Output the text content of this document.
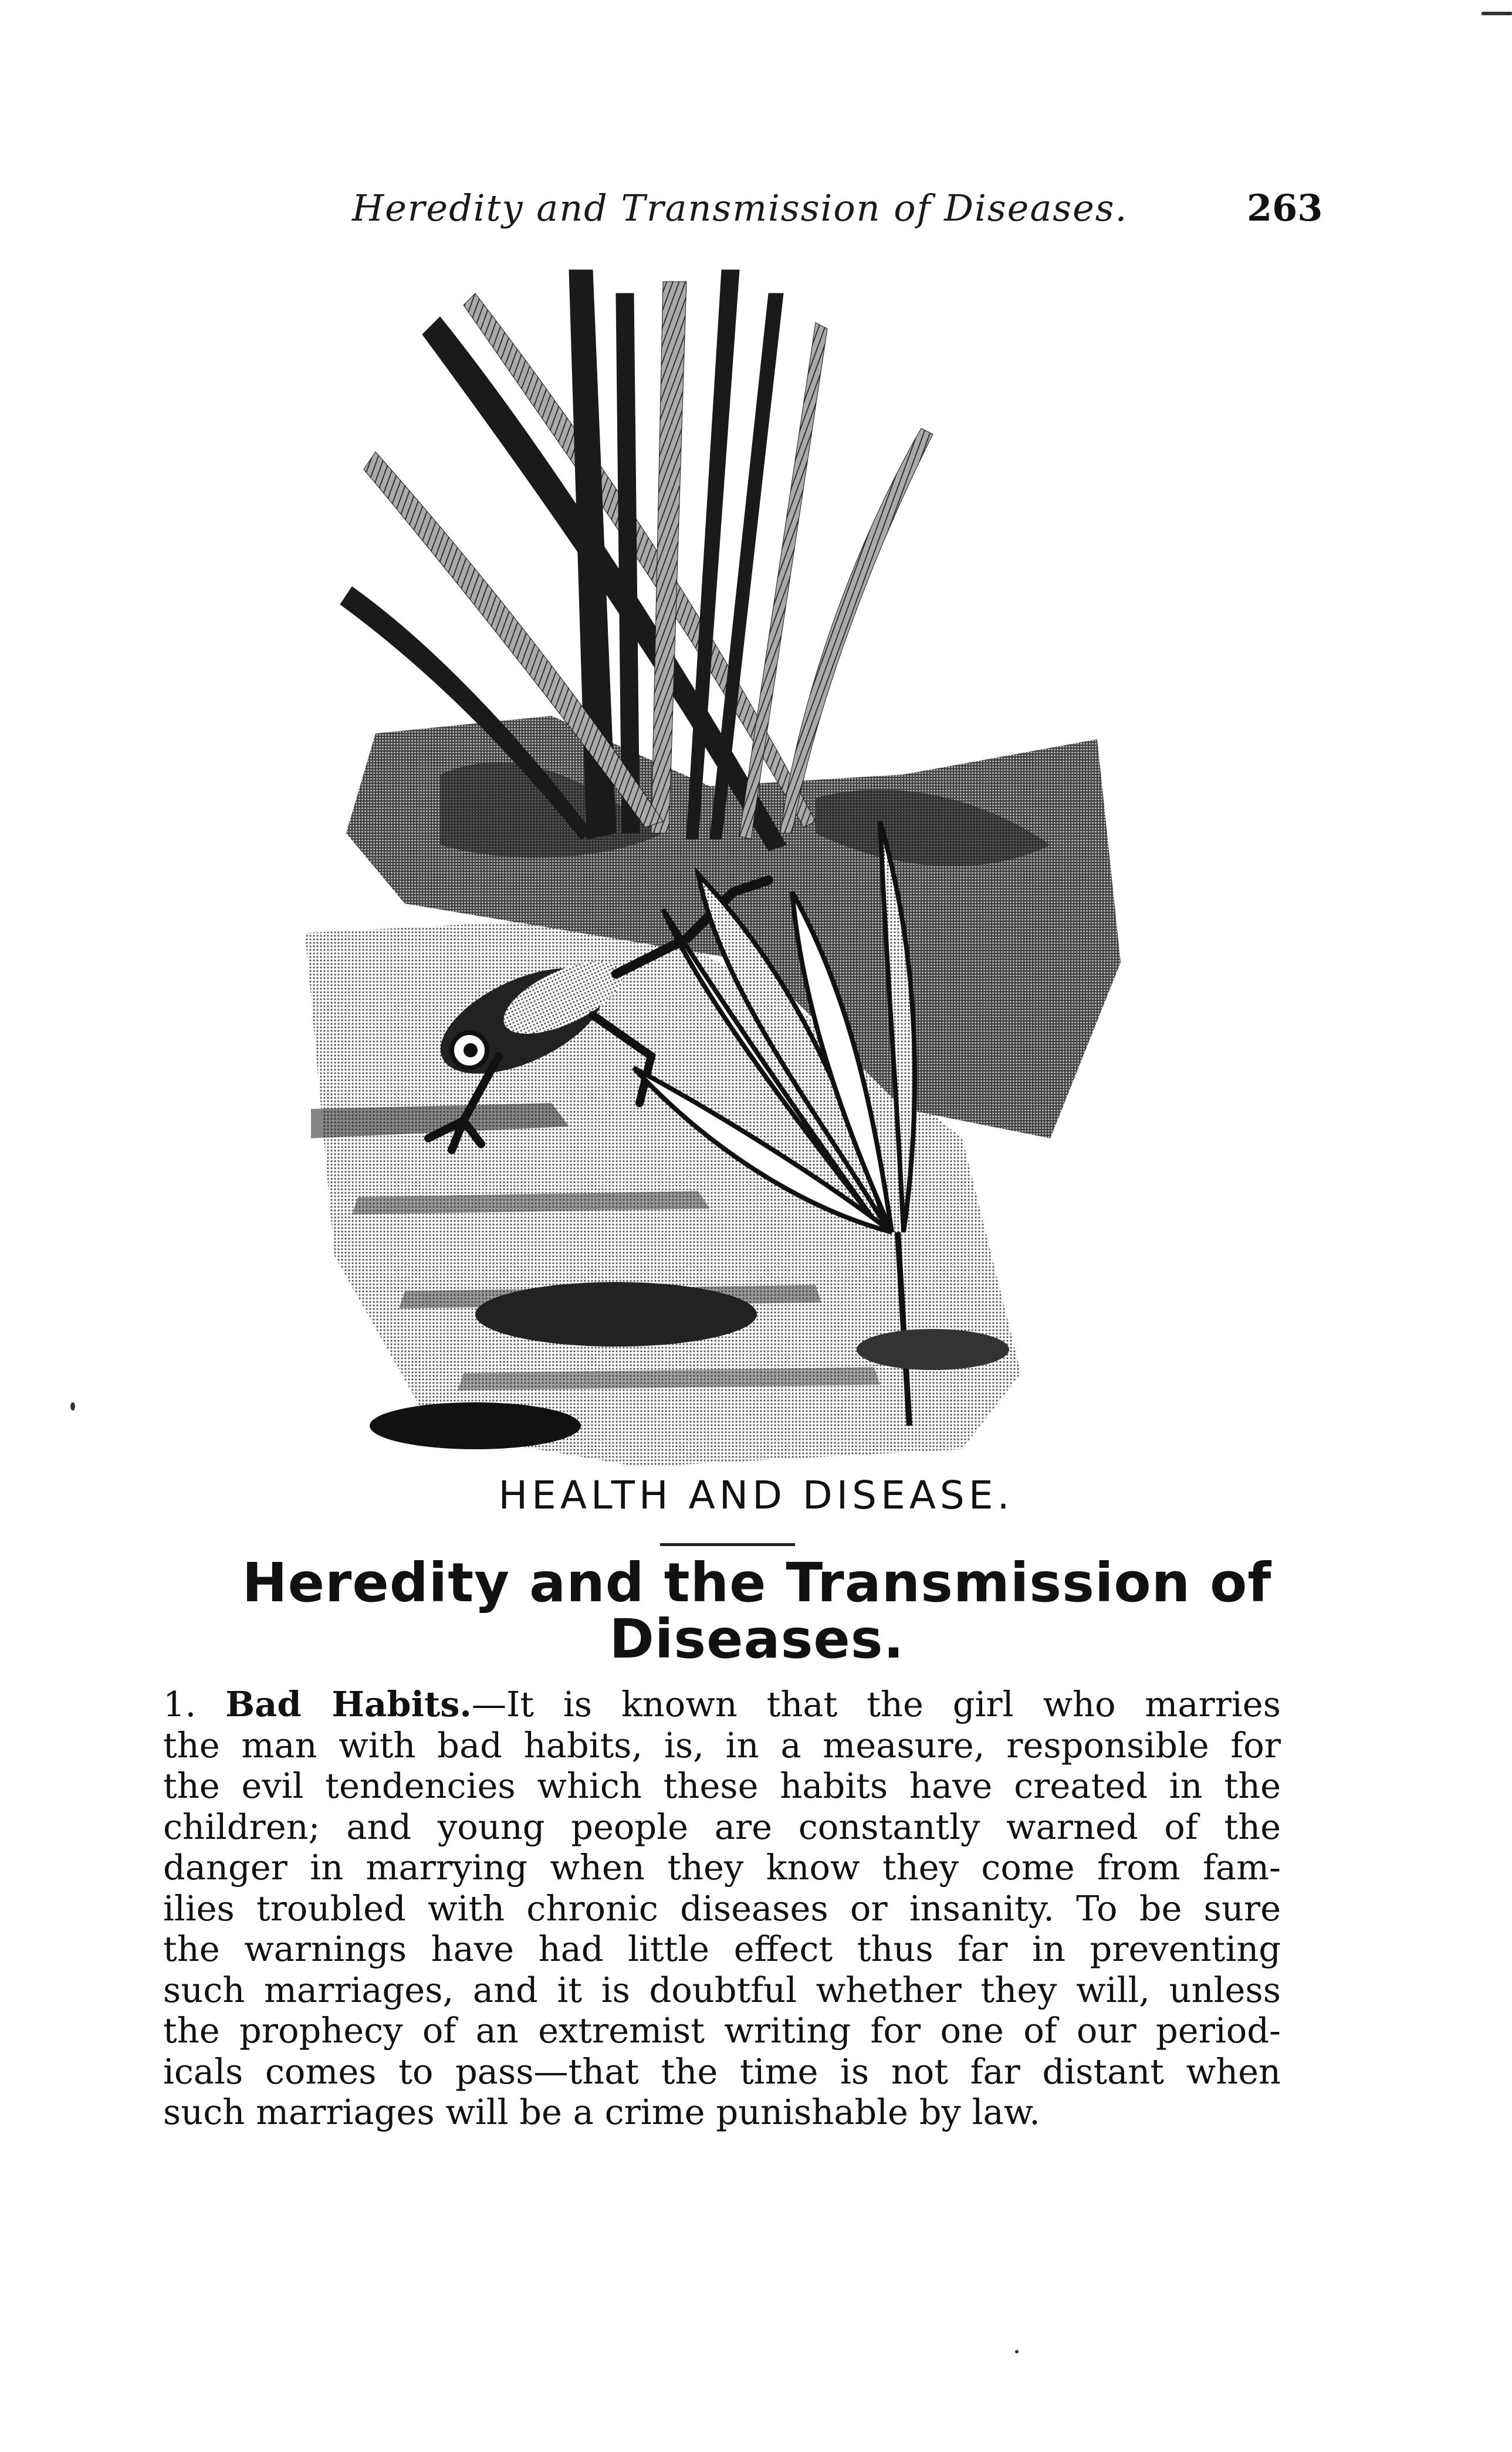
Heredity and Transmission of Diseases.	263
HEALTH AND DISEASE.
Heredity and the Transmission of
Diseases.
1. Bad Habits.—It is known that the girl who marries
the man with bad habits, is, in a measure, responsible for
the evil tendencies which these habits have created in the
children; and young people are constantly warned of the
danger in marrying when they know they come from fam-
ilies troubled with chronic diseases or insanity. To be sure
the warnings have had little effect thus far in preventing
such marriages, and it is doubtful whether they will, unless
the prophecy of an extremist writing for one of our period-
icals comes to pass—that the time is not far distant when
such marriages will be a crime punishable by law.
